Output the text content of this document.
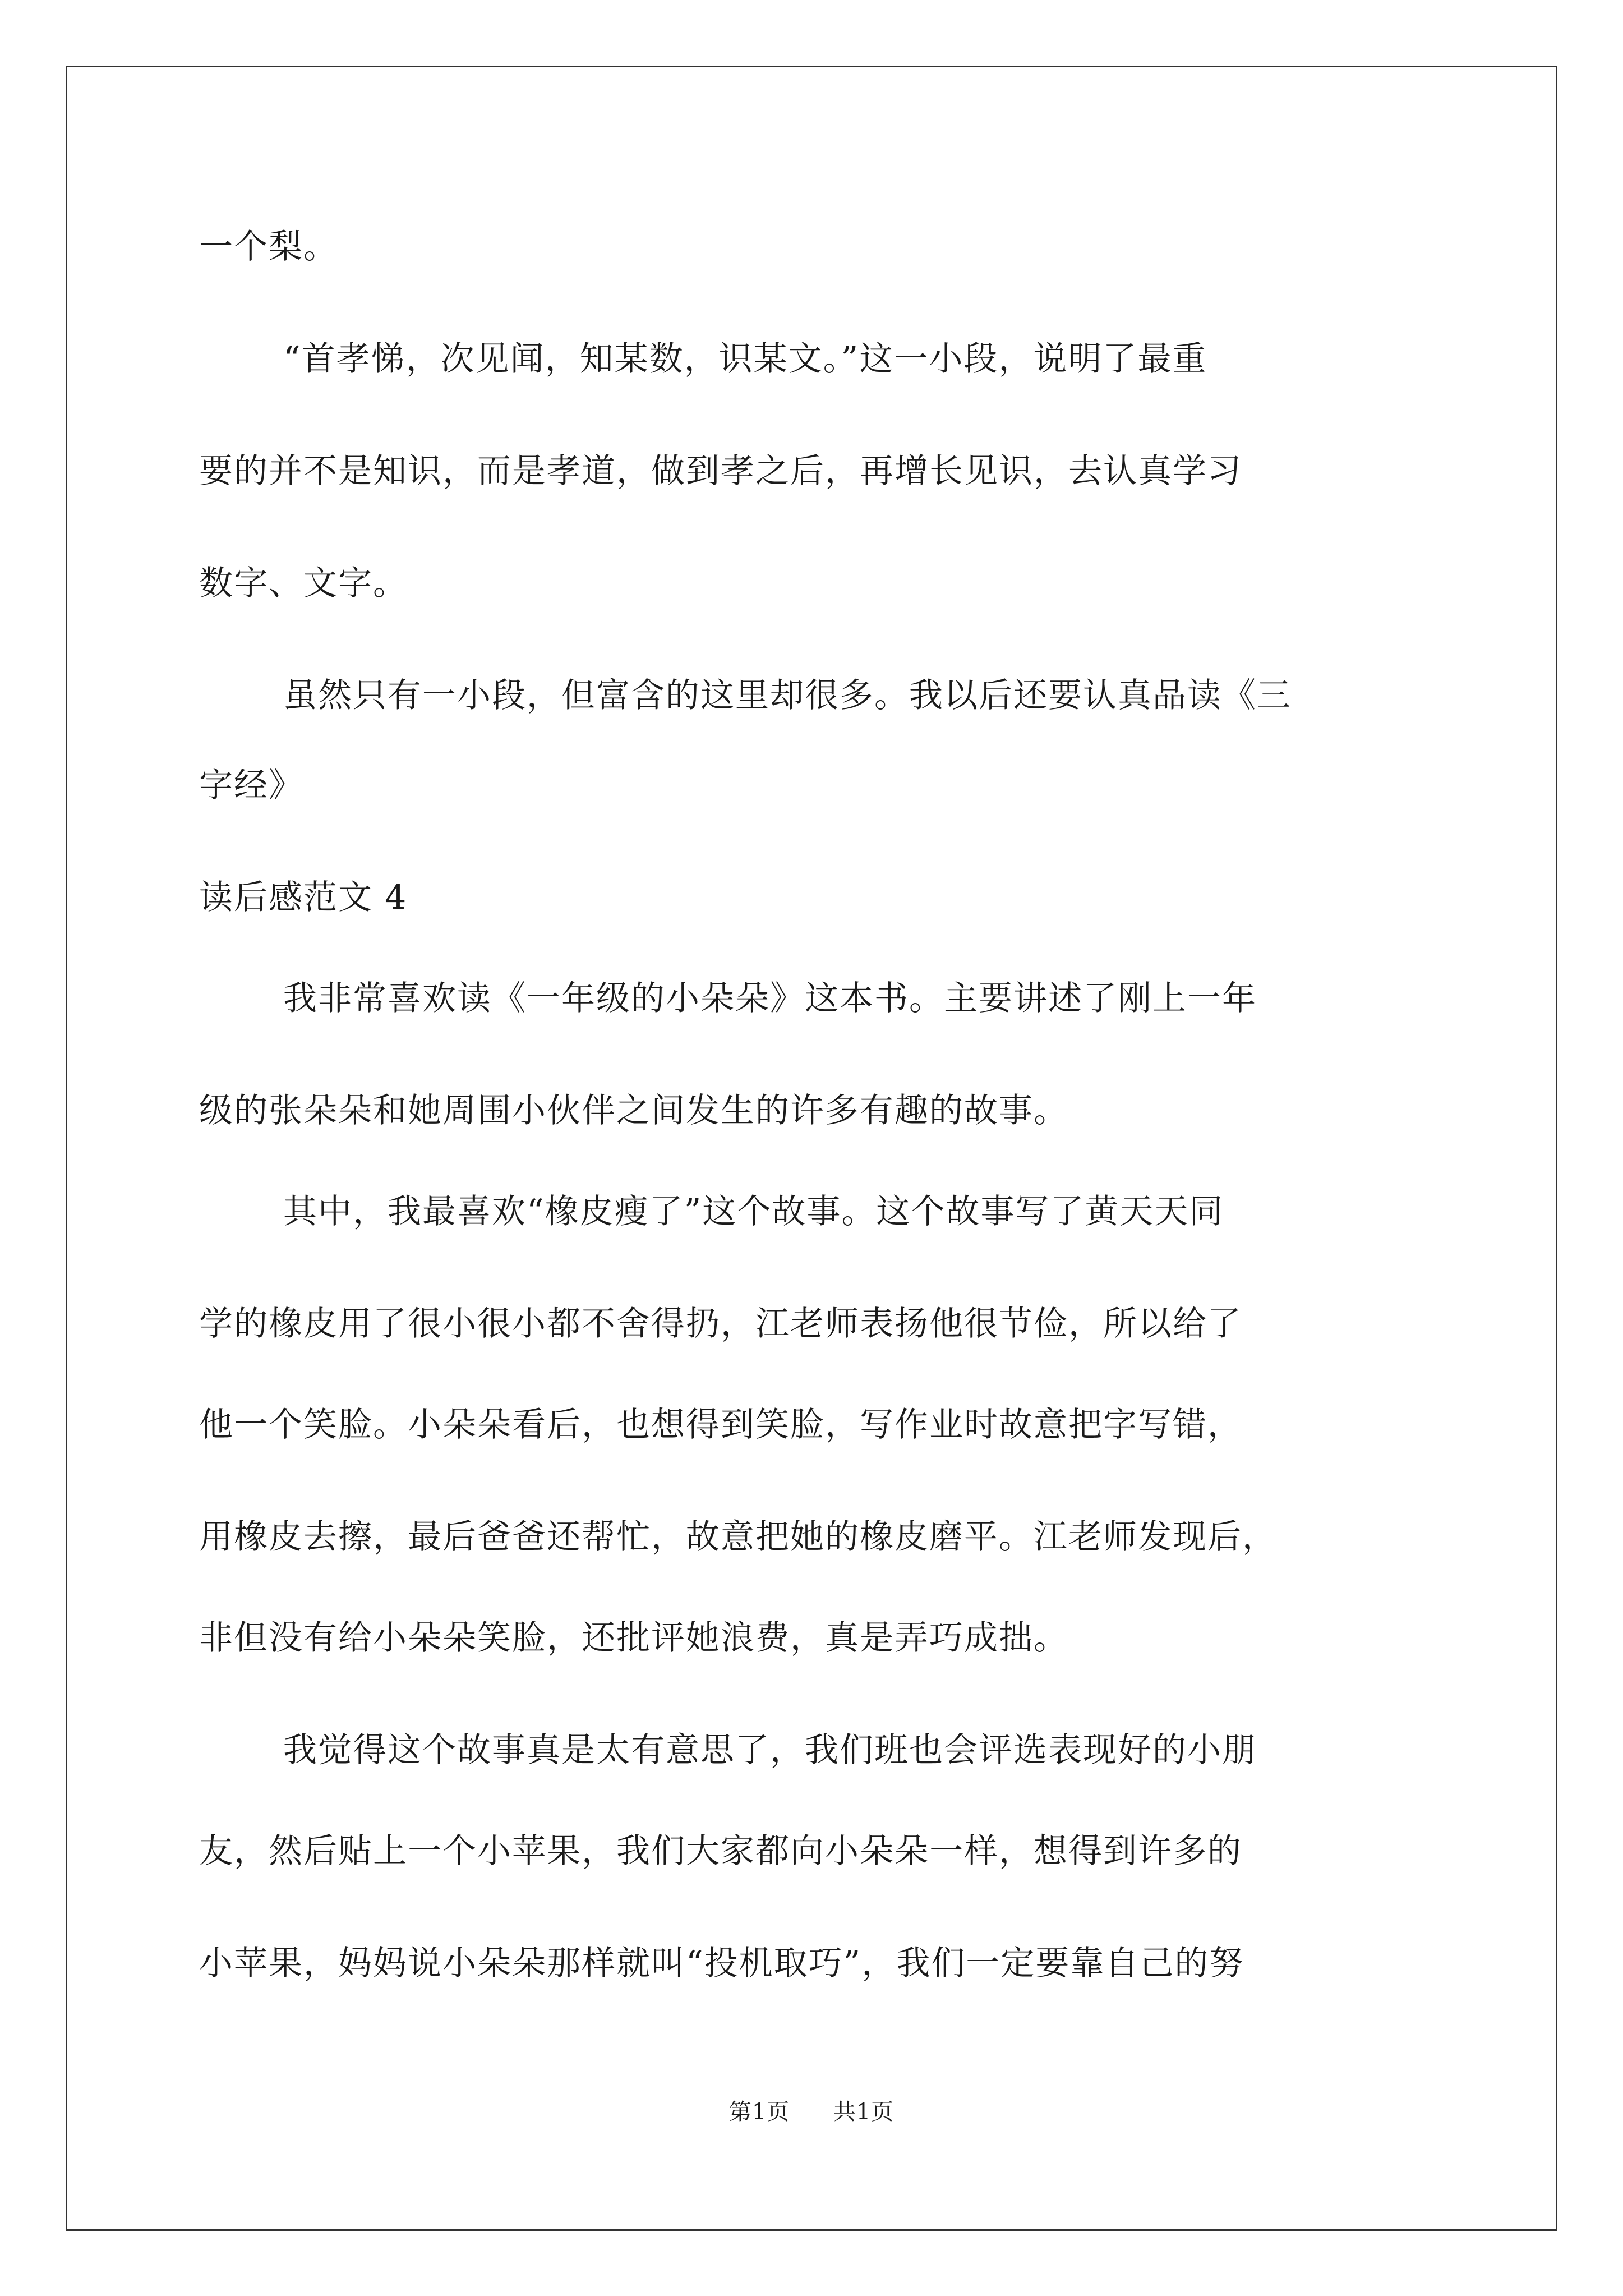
一个梨。
“首孝悌，次见闻，知某数，识某文。”这一小段，说明了最重
要的并不是知识，而是孝道，做到孝之后，再增长见识，去认真学习
数字、文字。
虽然只有一小段，但富含的这里却很多。我以后还要认真品读《三
字经》
读后感范文 4
我非常喜欢读《一年级的小朵朵》这本书。主要讲述了刚上一年
级的张朵朵和她周围小伙伴之间发生的许多有趣的故事。
其中，我最喜欢“橡皮瘦了”这个故事。这个故事写了黄天天同
学的橡皮用了很小很小都不舍得扔，江老师表扬他很节俭，所以给了
他一个笑脸。小朵朵看后，也想得到笑脸，写作业时故意把字写错，
用橡皮去擦，最后爸爸还帮忙，故意把她的橡皮磨平。江老师发现后，
非但没有给小朵朵笑脸，还批评她浪费，真是弄巧成拙。
我觉得这个故事真是太有意思了，我们班也会评选表现好的小朋
友，然后贴上一个小苹果，我们大家都向小朵朵一样，想得到许多的
小苹果，妈妈说小朵朵那样就叫“投机取巧”，我们一定要靠自己的努
第1页 共1页
